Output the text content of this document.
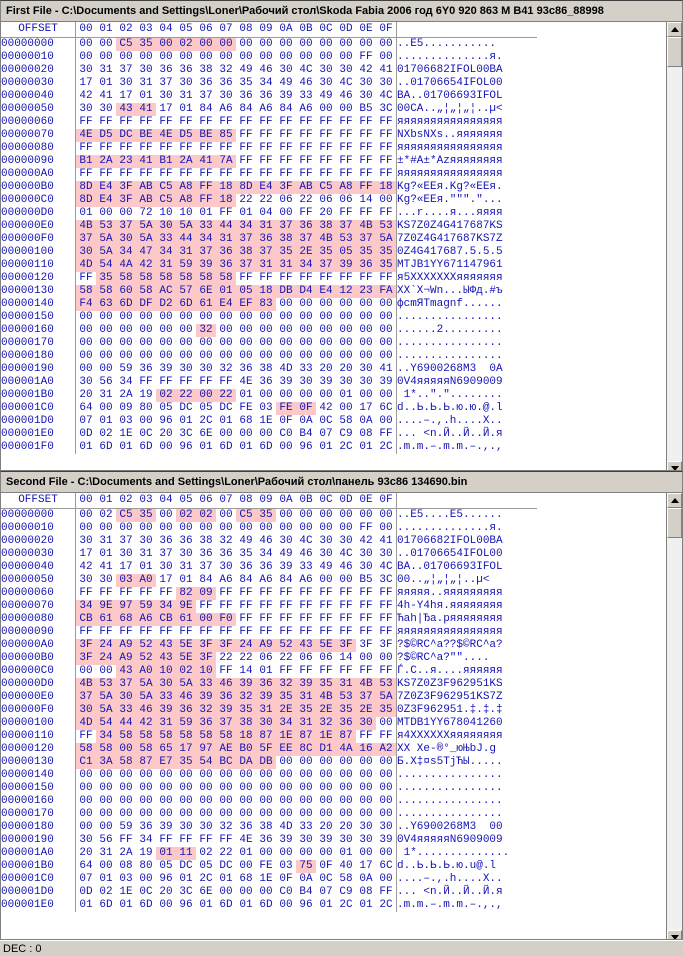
First File - C:\Documents and Settings\Loner\Рабочий стол\Skoda Fabia 2006 год 6Y0 920 863 M B41 93c86_88998
OFFSET	00	01	02	03	04	05	06	07	08	09	0A	0B	0C	0D	0E	0F	
00000000	00	00	C5	35	00	02	00	00	00	00	00	00	00	00	00	00	..Е5...........
00000010	00	00	00	00	00	00	00	00	00	00	00	00	00	00	FF	00	..............я.
00000020	30	31	37	30	36	36	38	32	49	46	30	4C	30	30	42	41	01706682IFOL00BA
00000030	17	01	30	31	37	30	36	36	35	34	49	46	30	4C	30	30	..01706654IFOL00
00000040	42	41	17	01	30	31	37	30	36	36	39	33	49	46	30	4C	BA..01706693IFOL
00000050	30	30	43	41	17	01	84	A6	84	A6	84	A6	00	00	B5	3C	00CA..„¦„¦„¦..µ<
00000060	FF	FF	FF	FF	FF	FF	FF	FF	FF	FF	FF	FF	FF	FF	FF	FF	яяяяяяяяяяяяяяяя
00000070	4E	D5	DC	BE	4E	D5	BE	85	FF	FF	FF	FF	FF	FF	FF	FF	NXbsNXs..яяяяяяя
00000080	FF	FF	FF	FF	FF	FF	FF	FF	FF	FF	FF	FF	FF	FF	FF	FF	яяяяяяяяяяяяяяяя
00000090	B1	2A	23	41	B1	2A	41	7A	FF	FF	FF	FF	FF	FF	FF	FF	±*#A±*Azяяяяяяяя
000000A0	FF	FF	FF	FF	FF	FF	FF	FF	FF	FF	FF	FF	FF	FF	FF	FF	яяяяяяяяяяяяяяяя
000000B0	8D	E4	3F	AB	C5	A8	FF	18	8D	E4	3F	AB	C5	A8	FF	18	Kg?«ЕЕя.Kg?«ЕЕя.
000000C0	8D	E4	3F	AB	C5	A8	FF	18	22	22	06	22	06	06	14	00	Kg?«ЕЕя."""."...
000000D0	01	00	00	72	10	10	01	FF	01	04	00	FF	20	FF	FF	FF	...r....я...яяяя
000000E0	4B	53	37	5A	30	5A	33	44	34	31	37	36	38	37	4B	53	KS7Z0Z4G417687KS
000000F0	37	5A	30	5A	33	44	34	31	37	36	38	37	4B	53	37	5A	7Z0Z4G417687KS7Z
00000100	30	5A	34	47	34	31	37	36	38	37	35	2E	35	05	35	35	0Z4G417687.5.5.5
00000110	4D	54	4A	42	31	59	39	36	37	31	31	34	37	39	36	35	MTJB1YY671147961
00000120	FF	35	58	58	58	58	58	58	FF	FF	FF	FF	FF	FF	FF	FF	я5XXXXXXXяяяяяяя
00000130	58	58	60	58	AC	57	6E	01	05	18	DB	D4	E4	12	23	FA	XX`X¬Wn...ЫФд.#ъ
00000140	F4	63	6D	DF	D2	6D	61	E4	EF	83	00	00	00	00	00	00	фcmЯТmagnf......
00000150	00	00	00	00	00	00	00	00	00	00	00	00	00	00	00	00	................
00000160	00	00	00	00	00	00	32	00	00	00	00	00	00	00	00	00	......2.........
00000170	00	00	00	00	00	00	00	00	00	00	00	00	00	00	00	00	................
00000180	00	00	00	00	00	00	00	00	00	00	00	00	00	00	00	00	................
00000190	00	00	59	36	39	30	30	32	36	38	4D	33	20	20	30	41	..Y6900268M3  0A
000001A0	30	56	34	FF	FF	FF	FF	FF	4E	36	39	30	39	30	30	39	0V4яяяяяN6909009
000001B0	20	31	2A	19	02	22	00	22	01	00	00	00	00	01	00	00	1*.."."........
000001C0	64	00	09	80	05	DC	05	DC	FE	03	FE	0F	42	00	17	6C	d..Ь.Ь.Ь.ю.ю.@.l
000001D0	07	01	03	00	96	01	2C	01	68	1E	0F	0A	0C	58	0A	00	....–.,.h....X..
000001E0	0D	02	1E	0C	20	3C	6E	00	00	00	C0	B4	07	C9	08	FF	... <n.Й..Й..Й.я
000001F0	01	6D	01	6D	00	96	01	6D	01	6D	00	96	01	2C	01	2C	.m.m.–.m.m.–.,.,
Second File - C:\Documents and Settings\Loner\Рабочий стол\панель 93c86 134690.bin
OFFSET	00	01	02	03	04	05	06	07	08	09	0A	0B	0C	0D	0E	0F	
00000000	00	02	C5	35	00	02	02	00	C5	35	00	00	00	00	00	00	..Е5....Е5......
00000010	00	00	00	00	00	00	00	00	00	00	00	00	00	00	FF	00	..............я.
00000020	30	31	37	30	36	36	38	32	49	46	30	4C	30	30	42	41	01706682IFOL00BA
00000030	17	01	30	31	37	30	36	36	35	34	49	46	30	4C	30	30	..01706654IFOL00
00000040	42	41	17	01	30	31	37	30	36	36	39	33	49	46	30	4C	BA..01706693IFOL
00000050	30	30	03	A0	17	01	84	A6	84	A6	84	A6	00	00	B5	3C	00..„¦„¦„¦..µ<
00000060	FF	FF	FF	FF	FF	82	09	FF	FF	FF	FF	FF	FF	FF	FF	FF	яяяяя..яяяяяяяяя
00000070	34	9E	97	59	34	9E	FF	FF	FF	FF	FF	FF	FF	FF	FF	FF	4h-Y4hя.яяяяяяяя
00000080	CB	61	68	A6	CB	61	00	F0	FF	FF	FF	FF	FF	FF	FF	FF	Ћah|Ђa.ряяяяяяяя
00000090	FF	FF	FF	FF	FF	FF	FF	FF	FF	FF	FF	FF	FF	FF	FF	FF	яяяяяяяяяяяяяяяя
000000A0	3F	24	A9	52	43	5E	3F	3F	24	A9	52	43	5E	3F	3F	3F	?$©RC^a??$©RC^a?
000000B0	3F	24	A9	52	43	5E	3F	22	22	06	22	06	06	14	00	00	?$©RC^a?""....
000000C0	00	00	43	A0	10	02	10	FF	14	01	FF	FF	FF	FF	FF	FF	Ѓ.C..я....яяяяяя
000000D0	4B	53	37	5A	30	5A	33	46	39	36	32	39	35	31	4B	53	KS7Z0Z3F962951KS
000000E0	37	5A	30	5A	33	46	39	36	32	39	35	31	4B	53	37	5A	7Z0Z3F962951KS7Z
000000F0	30	5A	33	46	39	36	32	39	35	31	2E	35	2E	35	2E	35	0Z3F962951.‡.‡.‡
00000100	4D	54	44	42	31	59	36	37	38	30	34	31	32	36	30	00	MTDB1YY678041260
00000110	FF	34	58	58	58	58	58	58	18	87	1E	87	1E	87	FF	FF	я4XXXXXXяяяяяяяя
00000120	58	58	00	58	65	17	97	AE	B0	5F	EE	8C	D1	4A	16	A2	XX Xe-®°_юЊbJ.g
00000130	C1	3A	58	87	E7	35	54	BC	DA	DB	00	00	00	00	00	00	Б.X‡¤s5TjЋЫ.....
00000140	00	00	00	00	00	00	00	00	00	00	00	00	00	00	00	00	................
00000150	00	00	00	00	00	00	00	00	00	00	00	00	00	00	00	00	................
00000160	00	00	00	00	00	00	00	00	00	00	00	00	00	00	00	00	................
00000170	00	00	00	00	00	00	00	00	00	00	00	00	00	00	00	00	................
00000180	00	00	59	36	39	30	30	32	36	38	4D	33	20	20	30	30	..Y6900268M3  00
00000190	30	56	FF	34	FF	FF	FF	FF	4E	36	39	30	39	30	30	39	0V4яяяяяN6909009
000001A0	20	31	2A	19	01	11	02	22	01	00	00	00	00	01	00	00	1*..............
000001B0	64	00	08	80	05	DC	05	DC	00	FE	03	75	0F	40	17	6C	d..Ь.Ь.Ь.ю.u@.l
000001C0	07	01	03	00	96	01	2C	01	68	1E	0F	0A	0C	58	0A	00	....–.,.h....X..
000001D0	0D	02	1E	0C	20	3C	6E	00	00	00	C0	B4	07	C9	08	FF	... <n.Й..Й..Й.я
000001E0	01	6D	01	6D	00	96	01	6D	01	6D	00	96	01	2C	01	2C	.m.m.–.m.m.–.,.,
DEC : 0
